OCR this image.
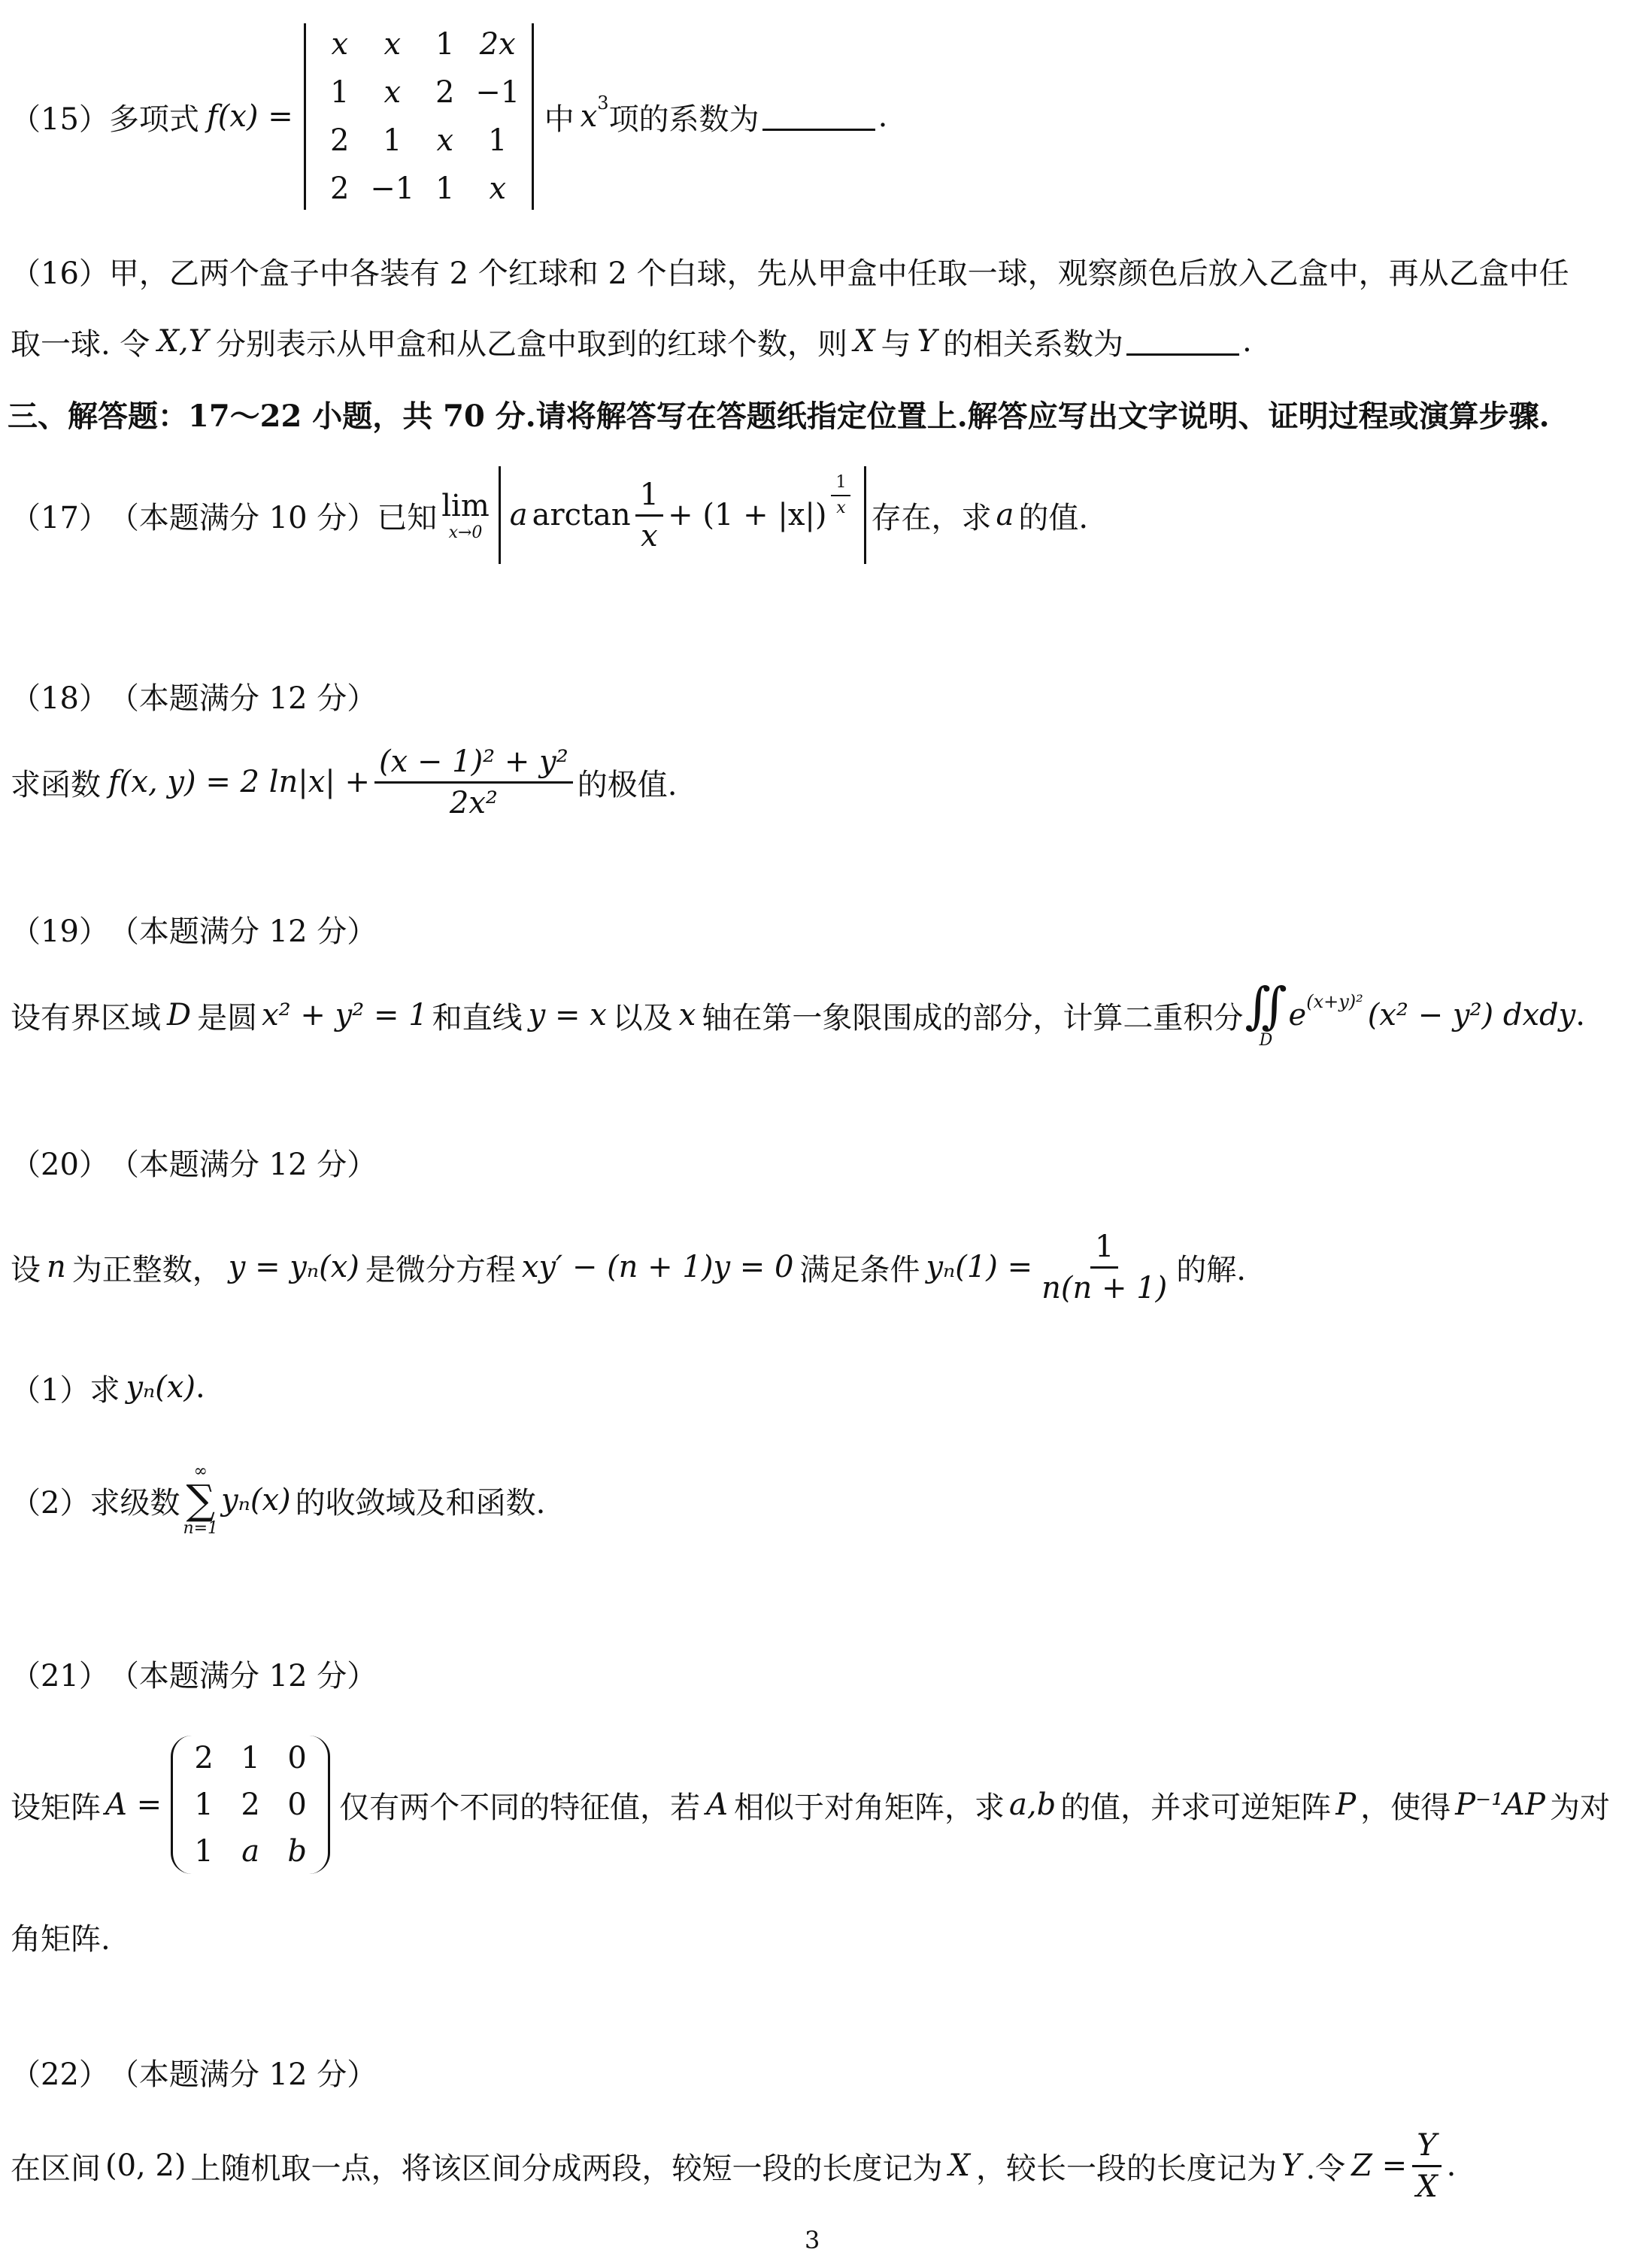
（15） 多项式 f(x) =
x	x	1 2x
1	x	2 −1
2	1	x	1
2 −1 1	x
中 x 3 项的系数为	.
（16） 甲，乙两个盒子中各装有 2 个红球和 2 个白球，先从甲盒中任取一球，观察颜色后放入乙盒中，再从乙盒中任
取一球. 令 X,Y 分别表示从甲盒和从乙盒中取到的红球个数，则 X 与 Y 的相关系数为	.
三、解答题：17～22 小题，共 70 分.请将解答写在答题纸指定位置上.解答应写出文字说明、证明过程或演算步骤.
（17） （本题满分 10 分） 已知 lim
x→0 a $\arctan \frac{1}{x} + (1 + |x|) \frac{1}{x}$
存在，求 a 的值.
（18） （本题满分 12 分）
求函数 f(x, y) = 2 $\ln|x| + \frac{\text{(x − 1)² + y²}}{\text{2x²}}$ 的极值.
（19） （本题满分 12 分）
设有界区域 D 是圆 x² + y² = 1 和直线 y = x 以及 x 轴在第一象限围成的部分，计算二重积分 ∬
D
e (x+y)² (x² − y²) dxdy .
（20） （本题满分 12 分）
设 n 为正整数， y = yₙ(x) 是微分方程 xy′ − (n + 1)y = 0 满足条件 $y_n(1) = \frac{1}{n(n + 1)}$ 的解.
（1）求 yₙ(x) .
（2）求级数
∞
∑
n=1
yₙ(x) 的收敛域及和函数.
（21） （本题满分 12 分）
设矩阵 A =
2 1 0
1 2 0
1 a b
仅有两个不同的特征值，若 A 相似于对角矩阵，求 a,b 的值，并求可逆矩阵 P ，使得 P⁻¹AP 为对
角矩阵.
（22） （本题满分 12 分）
在区间 (0, 2) 上随机取一点，将该区间分成两段，较短一段的长度记为 X ，较长一段的长度记为 Y .令 $Z = \frac{Y}{X}$ .
3
